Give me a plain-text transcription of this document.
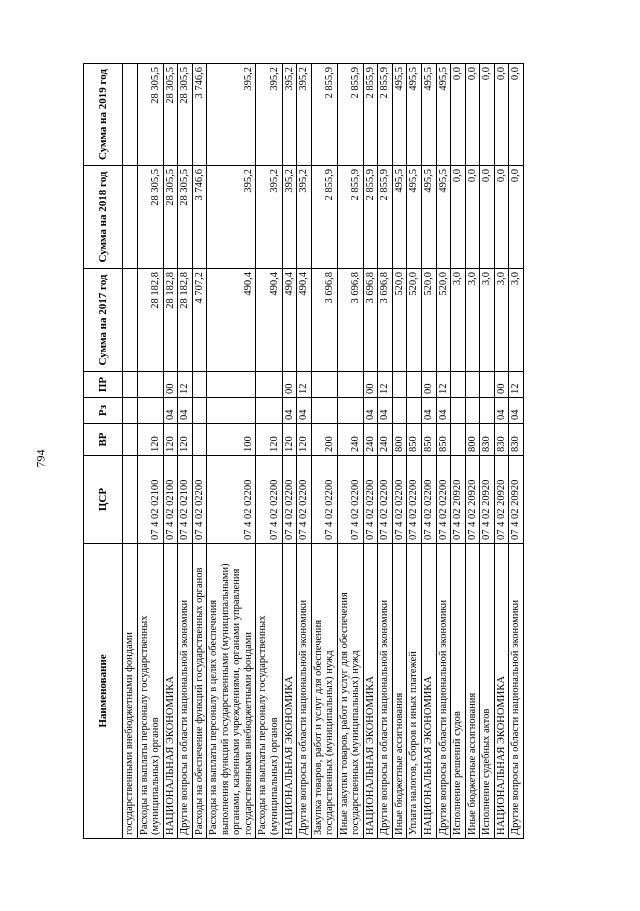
794
Наименование	ЦСР	ВР	Рз	ПР	Сумма на 2017 год	Сумма на 2018 год	Сумма на 2019 год
государственными внебюджетными фондами							
Расходы на выплаты персоналу государственных (муниципальных) органов	07 4 02 02100	120			28 182,8	28 305,5	28 305,5
НАЦИОНАЛЬНАЯ ЭКОНОМИКА	07 4 02 02100	120	04	00	28 182,8	28 305,5	28 305,5
Другие вопросы в области национальной экономики	07 4 02 02100	120	04	12	28 182,8	28 305,5	28 305,5
Расходы на обеспечение функций государственных органов	07 4 02 02200				4 707,2	3 746,6	3 746,6
Расходы на выплаты персоналу в целях обеспечения выполнения функций государственными (муниципальными) органами, казенными учреждениями, органами управления государственными внебюджетными фондами	07 4 02 02200	100			490,4	395,2	395,2
Расходы на выплаты персоналу государственных (муниципальных) органов	07 4 02 02200	120			490,4	395,2	395,2
НАЦИОНАЛЬНАЯ ЭКОНОМИКА	07 4 02 02200	120	04	00	490,4	395,2	395,2
Другие вопросы в области национальной экономики	07 4 02 02200	120	04	12	490,4	395,2	395,2
Закупка товаров, работ и услуг для обеспечения государственных (муниципальных) нужд	07 4 02 02200	200			3 696,8	2 855,9	2 855,9
Иные закупки товаров, работ и услуг для обеспечения государственных (муниципальных) нужд	07 4 02 02200	240			3 696,8	2 855,9	2 855,9
НАЦИОНАЛЬНАЯ ЭКОНОМИКА	07 4 02 02200	240	04	00	3 696,8	2 855,9	2 855,9
Другие вопросы в области национальной экономики	07 4 02 02200	240	04	12	3 696,8	2 855,9	2 855,9
Иные бюджетные ассигнования	07 4 02 02200	800			520,0	495,5	495,5
Уплата налогов, сборов и иных платежей	07 4 02 02200	850			520,0	495,5	495,5
НАЦИОНАЛЬНАЯ ЭКОНОМИКА	07 4 02 02200	850	04	00	520,0	495,5	495,5
Другие вопросы в области национальной экономики	07 4 02 02200	850	04	12	520,0	495,5	495,5
Исполнение решений судов	07 4 02 20920				3,0	0,0	0,0
Иные бюджетные ассигнования	07 4 02 20920	800			3,0	0,0	0,0
Исполнение судебных актов	07 4 02 20920	830			3,0	0,0	0,0
НАЦИОНАЛЬНАЯ ЭКОНОМИКА	07 4 02 20920	830	04	00	3,0	0,0	0,0
Другие вопросы в области национальной экономики	07 4 02 20920	830	04	12	3,0	0,0	0,0
